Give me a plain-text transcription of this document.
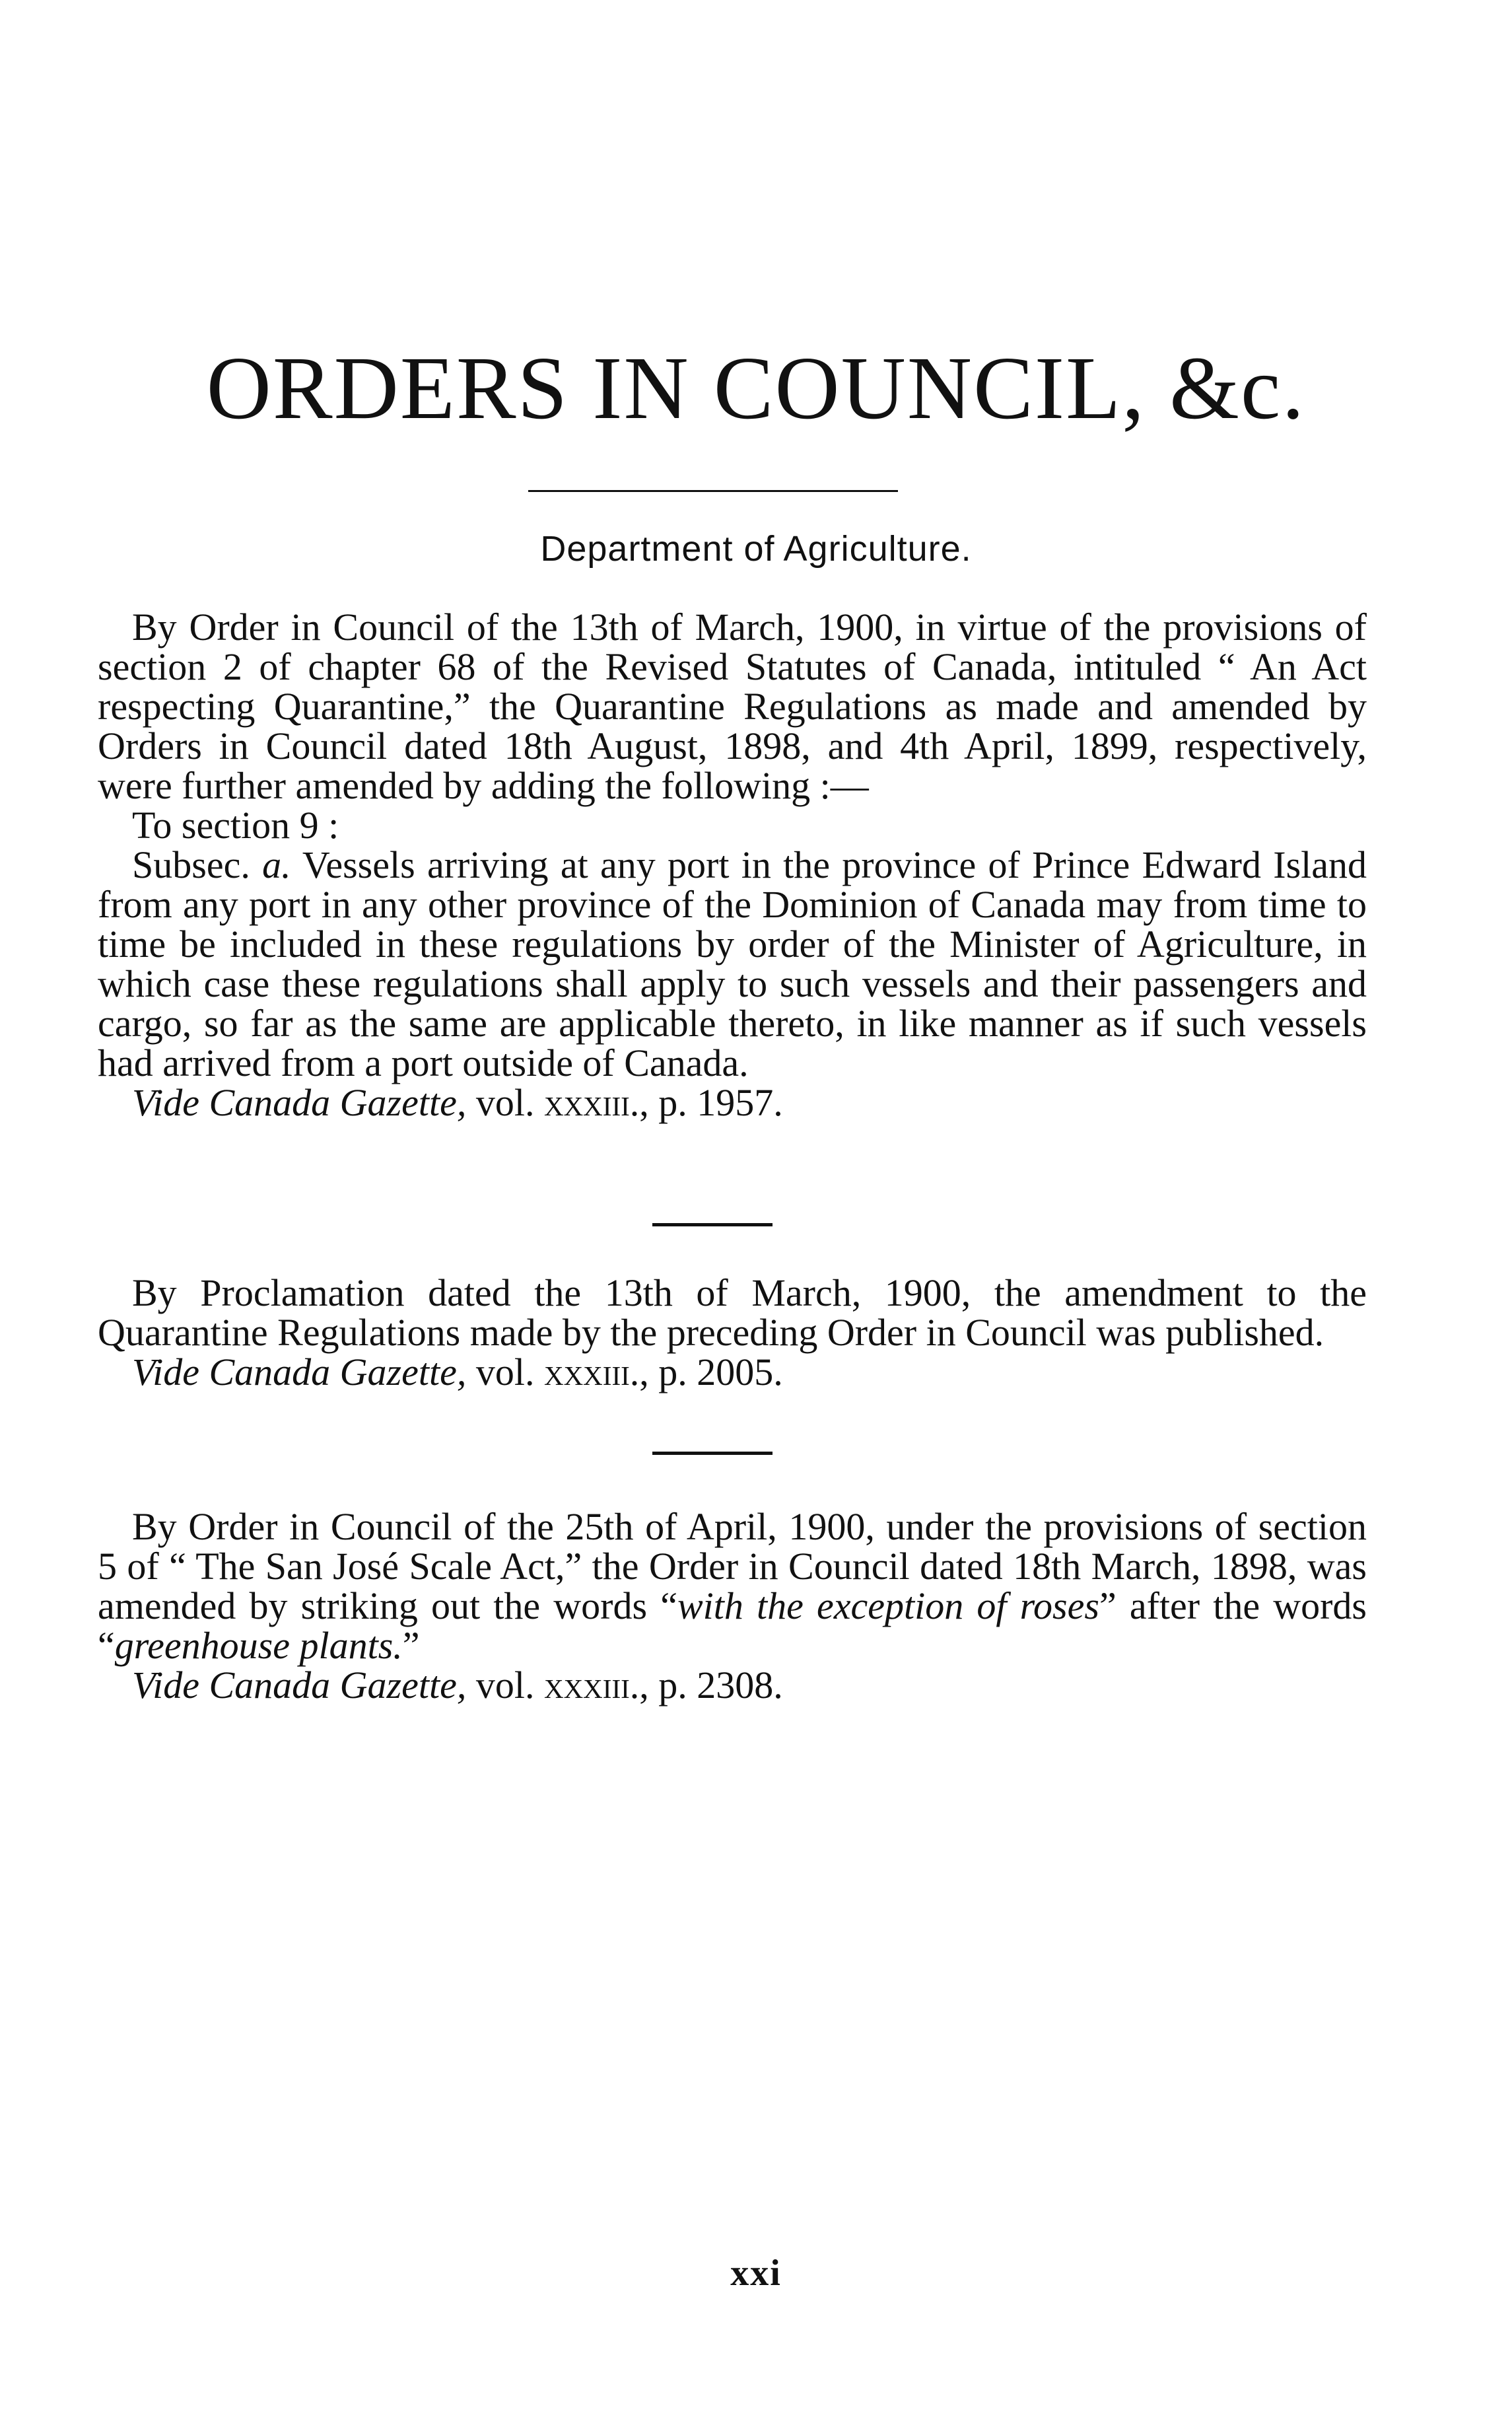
ORDERS IN COUNCIL, &c.
Department of Agriculture.

By Order in Council of the 13th of March, 1900, in virtue of the provisions of section 2 of chapter 68 of the Revised Statutes of Canada, intituled “ An Act respecting Quarantine,” the Quarantine Regulations as made and amended by Orders in Council dated 18th August, 1898, and 4th April, 1899, respectively, were further amended by adding the following :—

To section 9 :

Subsec. a. Vessels arriving at any port in the province of Prince Edward Island from any port in any other province of the Dominion of Canada may from time to time be included in these regulations by order of the Minister of Agriculture, in which case these regulations shall apply to such vessels and their passengers and cargo, so far as the same are applicable thereto, in like manner as if such vessels had arrived from a port outside of Canada.

Vide Canada Gazette, vol. xxxiii., p. 1957.

By Proclamation dated the 13th of March, 1900, the amendment to the Quarantine Regulations made by the preceding Order in Council was published.

Vide Canada Gazette, vol. xxxiii., p. 2005.

By Order in Council of the 25th of April, 1900, under the provisions of section 5 of “ The San José Scale Act,” the Order in Council dated 18th March, 1898, was amended by striking out the words “with the exception of roses” after the words “greenhouse plants.”

Vide Canada Gazette, vol. xxxiii., p. 2308.

xxi
